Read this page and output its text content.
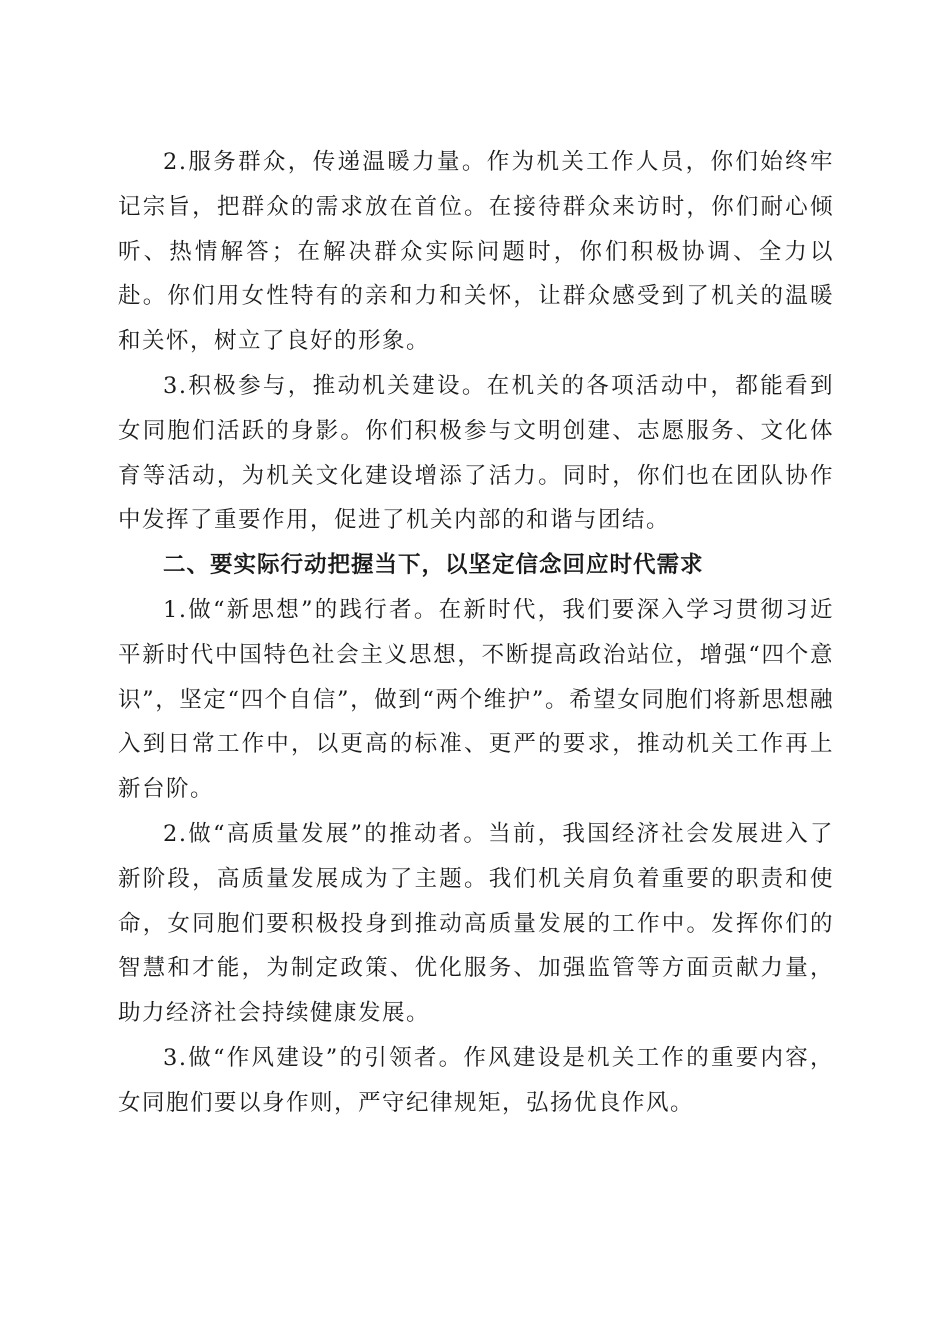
2.服务群众，传递温暖力量。作为机关工作人员，你们始终牢记宗旨，把群众的需求放在首位。在接待群众来访时，你们耐心倾听、热情解答；在解决群众实际问题时，你们积极协调、全力以赴。你们用女性特有的亲和力和关怀，让群众感受到了机关的温暖和关怀，树立了良好的形象。

3.积极参与，推动机关建设。在机关的各项活动中，都能看到女同胞们活跃的身影。你们积极参与文明创建、志愿服务、文化体育等活动，为机关文化建设增添了活力。同时，你们也在团队协作中发挥了重要作用，促进了机关内部的和谐与团结。

二、要实际行动把握当下，以坚定信念回应时代需求

1.做“新思想”的践行者。在新时代，我们要深入学习贯彻习近平新时代中国特色社会主义思想，不断提高政治站位，增强“四个意识”，坚定“四个自信”，做到“两个维护”。希望女同胞们将新思想融入到日常工作中，以更高的标准、更严的要求，推动机关工作再上新台阶。

2.做“高质量发展”的推动者。当前，我国经济社会发展进入了新阶段，高质量发展成为了主题。我们机关肩负着重要的职责和使命，女同胞们要积极投身到推动高质量发展的工作中。发挥你们的智慧和才能，为制定政策、优化服务、加强监管等方面贡献力量，助力经济社会持续健康发展。

3.做“作风建设”的引领者。作风建设是机关工作的重要内容，女同胞们要以身作则，严守纪律规矩，弘扬优良作风。
